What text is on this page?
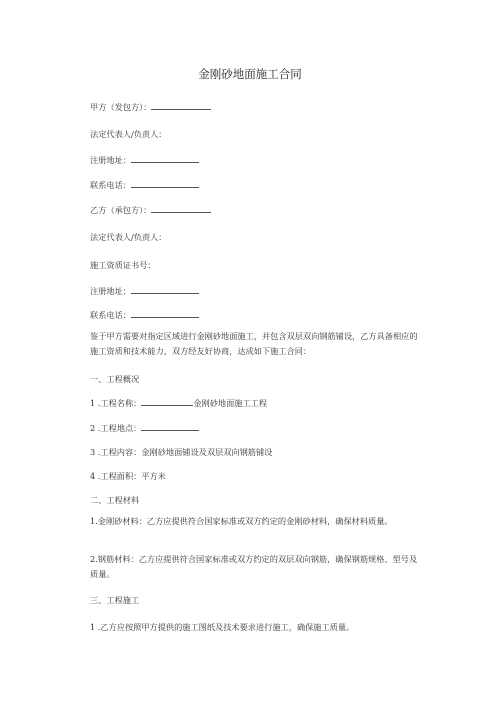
金刚砂地面施工合同
甲方（发包方）：
法定代表人/负责人：
注册地址：
联系电话：
乙方（承包方）：
法定代表人/负责人：
施工资质证书号：
注册地址：
联系电话：
鉴于甲方需要对指定区域进行金刚砂地面施工，并包含双层双向钢筋铺设，乙方具备相应的施工资质和技术能力，双方经友好协商，达成如下施工合同：
一、工程概况
1 .工程名称：	金刚砂地面施工工程
2 .工程地点：
3 .工程内容：金刚砂地面铺设及双层双向钢筋铺设
4 .工程面积：平方米
二、工程材料
1.金刚砂材料：乙方应提供符合国家标准或双方约定的金刚砂材料，确保材料质量。
2.钢筋材料：乙方应提供符合国家标准或双方约定的双层双向钢筋，确保钢筋规格、型号及质量。
三、工程施工
1 .乙方应按照甲方提供的施工图纸及技术要求进行施工，确保施工质量。
